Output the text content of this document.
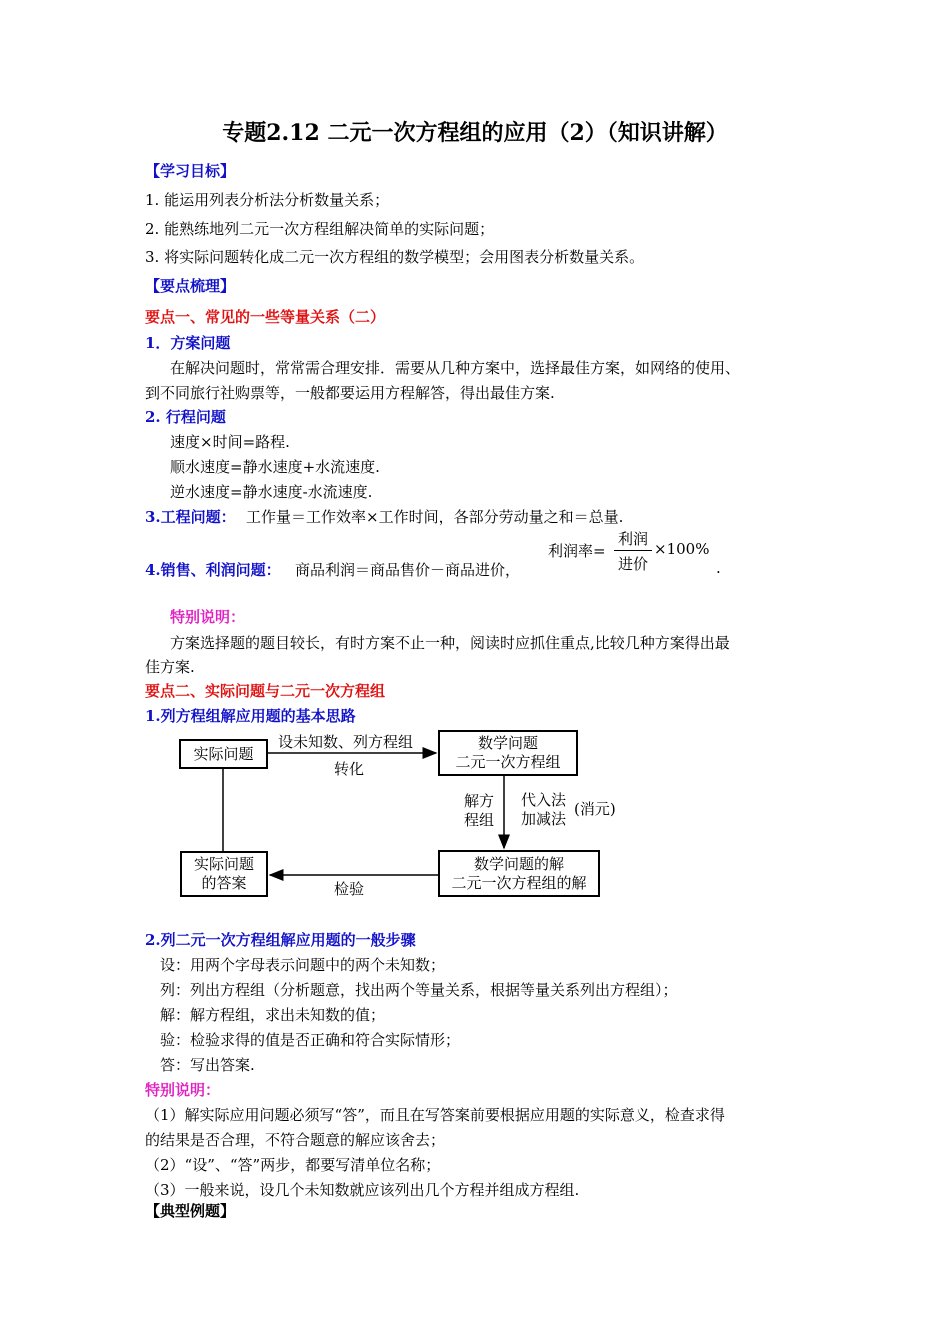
专题2.12 二元一次方程组的应用（2）（知识讲解）
【学习目标】
1. 能运用列表分析法分析数量关系；
2. 能熟练地列二元一次方程组解决简单的实际问题；
3. 将实际问题转化成二元一次方程组的数学模型；会用图表分析数量关系。
【要点梳理】
要点一、常见的一些等量关系（二）
1．方案问题
在解决问题时，常常需合理安排．需要从几种方案中，选择最佳方案，如网络的使用、
到不同旅行社购票等，一般都要运用方程解答，得出最佳方案.
2. 行程问题
速度×时间=路程.
顺水速度=静水速度+水流速度.
逆水速度=静水速度-水流速度.
3.工程问题： 工作量＝工作效率×工作时间，各部分劳动量之和＝总量.
4.销售、利润问题： 商品利润＝商品售价－商品进价，
利润率=
利润
进价
×100%
.
特别说明：
方案选择题的题目较长，有时方案不止一种，阅读时应抓住重点,比较几种方案得出最
佳方案.
要点二、实际问题与二元一次方程组
1.列方程组解应用题的基本思路
实际问题
数学问题
二元一次方程组
实际问题
的答案
数学问题的解
二元一次方程组的解
设未知数、列方程组
转化
解方
程组
代入法
加减法
(消元)
检验
2.列二元一次方程组解应用题的一般步骤
设：用两个字母表示问题中的两个未知数；
列：列出方程组（分析题意，找出两个等量关系，根据等量关系列出方程组）；
解：解方程组，求出未知数的值；
验：检验求得的值是否正确和符合实际情形；
答：写出答案.
特别说明：
（1）解实际应用问题必须写“答”，而且在写答案前要根据应用题的实际意义，检查求得
的结果是否合理，不符合题意的解应该舍去；
（2）“设”、“答”两步，都要写清单位名称；
（3）一般来说，设几个未知数就应该列出几个方程并组成方程组.
【典型例题】
